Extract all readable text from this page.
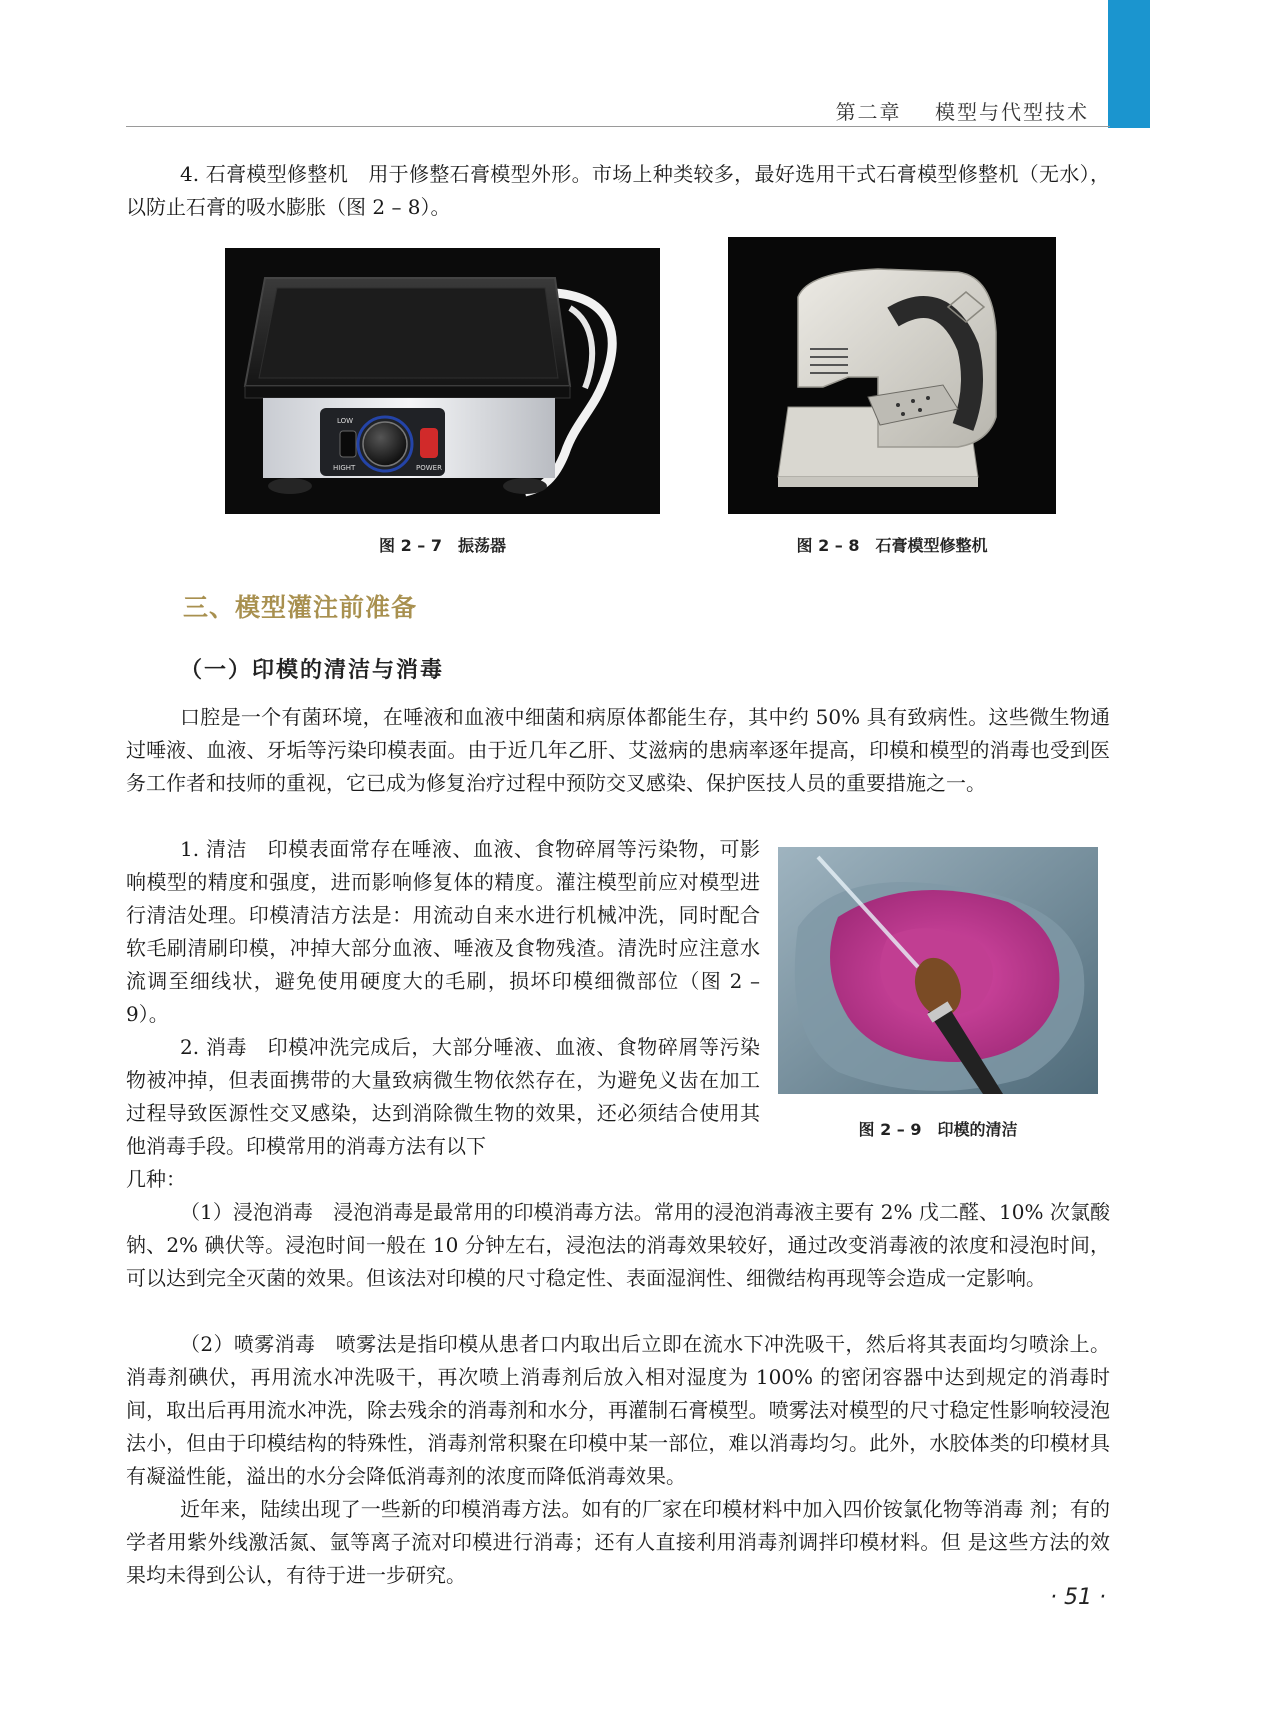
第二章 模型与代型技术

4. 石膏模型修整机　用于修整石膏模型外形。市场上种类较多，最好选用干式石膏模型修整机（无水），以防止石膏的吸水膨胀（图 2 – 8）。

LOW
HIGHT	POWER

图 2 – 7　振荡器	图 2 – 8　石膏模型修整机

三、模型灌注前准备
（一）印模的清洁与消毒

口腔是一个有菌环境，在唾液和血液中细菌和病原体都能生存，其中约 50% 具有致病性。这些微生物通过唾液、血液、牙垢等污染印模表面。由于近几年乙肝、艾滋病的患病率逐年提高，印模和模型的消毒也受到医务工作者和技师的重视，它已成为修复治疗过程中预防交叉感染、保护医技人员的重要措施之一。

1. 清洁　印模表面常存在唾液、血液、食物碎屑等污染物，可影响模型的精度和强度，进而影响修复体的精度。灌注模型前应对模型进行清洁处理。印模清洁方法是：用流动自来水进行机械冲洗，同时配合软毛刷清刷印模，冲掉大部分血液、唾液及食物残渣。清洗时应注意水流调至细线状，避免使用硬度大的毛刷，损坏印模细微部位（图 2 – 9）。

2. 消毒　印模冲洗完成后，大部分唾液、血液、食物碎屑等污染物被冲掉，但表面携带的大量致病微生物依然存在，为避免义齿在加工过程导致医源性交叉感染，达到消除微生物的效果，还必须结合使用其他消毒手段。印模常用的消毒方法有以下

几种：

图 2 – 9　印模的清洁

（1）浸泡消毒　浸泡消毒是最常用的印模消毒方法。常用的浸泡消毒液主要有 2% 戊二醛、10% 次氯酸钠、2% 碘伏等。浸泡时间一般在 10 分钟左右，浸泡法的消毒效果较好，通过改变消毒液的浓度和浸泡时间，可以达到完全灭菌的效果。但该法对印模的尺寸稳定性、表面湿润性、细微结构再现等会造成一定影响。

（2）喷雾消毒　喷雾法是指印模从患者口内取出后立即在流水下冲洗吸干，然后将其表面均匀喷涂上。消毒剂碘伏，再用流水冲洗吸干，再次喷上消毒剂后放入相对湿度为 100% 的密闭容器中达到规定的消毒时间，取出后再用流水冲洗，除去残余的消毒剂和水分，再灌制石膏模型。喷雾法对模型的尺寸稳定性影响较浸泡法小，但由于印模结构的特殊性，消毒剂常积聚在印模中某一部位，难以消毒均匀。此外，水胶体类的印模材具有凝溢性能，溢出的水分会降低消毒剂的浓度而降低消毒效果。

近年来，陆续出现了一些新的印模消毒方法。如有的厂家在印模材料中加入四价铵氯化物等消毒 剂；有的学者用紫外线激活氮、氩等离子流对印模进行消毒；还有人直接利用消毒剂调拌印模材料。但 是这些方法的效果均未得到公认，有待于进一步研究。

· 51 ·
